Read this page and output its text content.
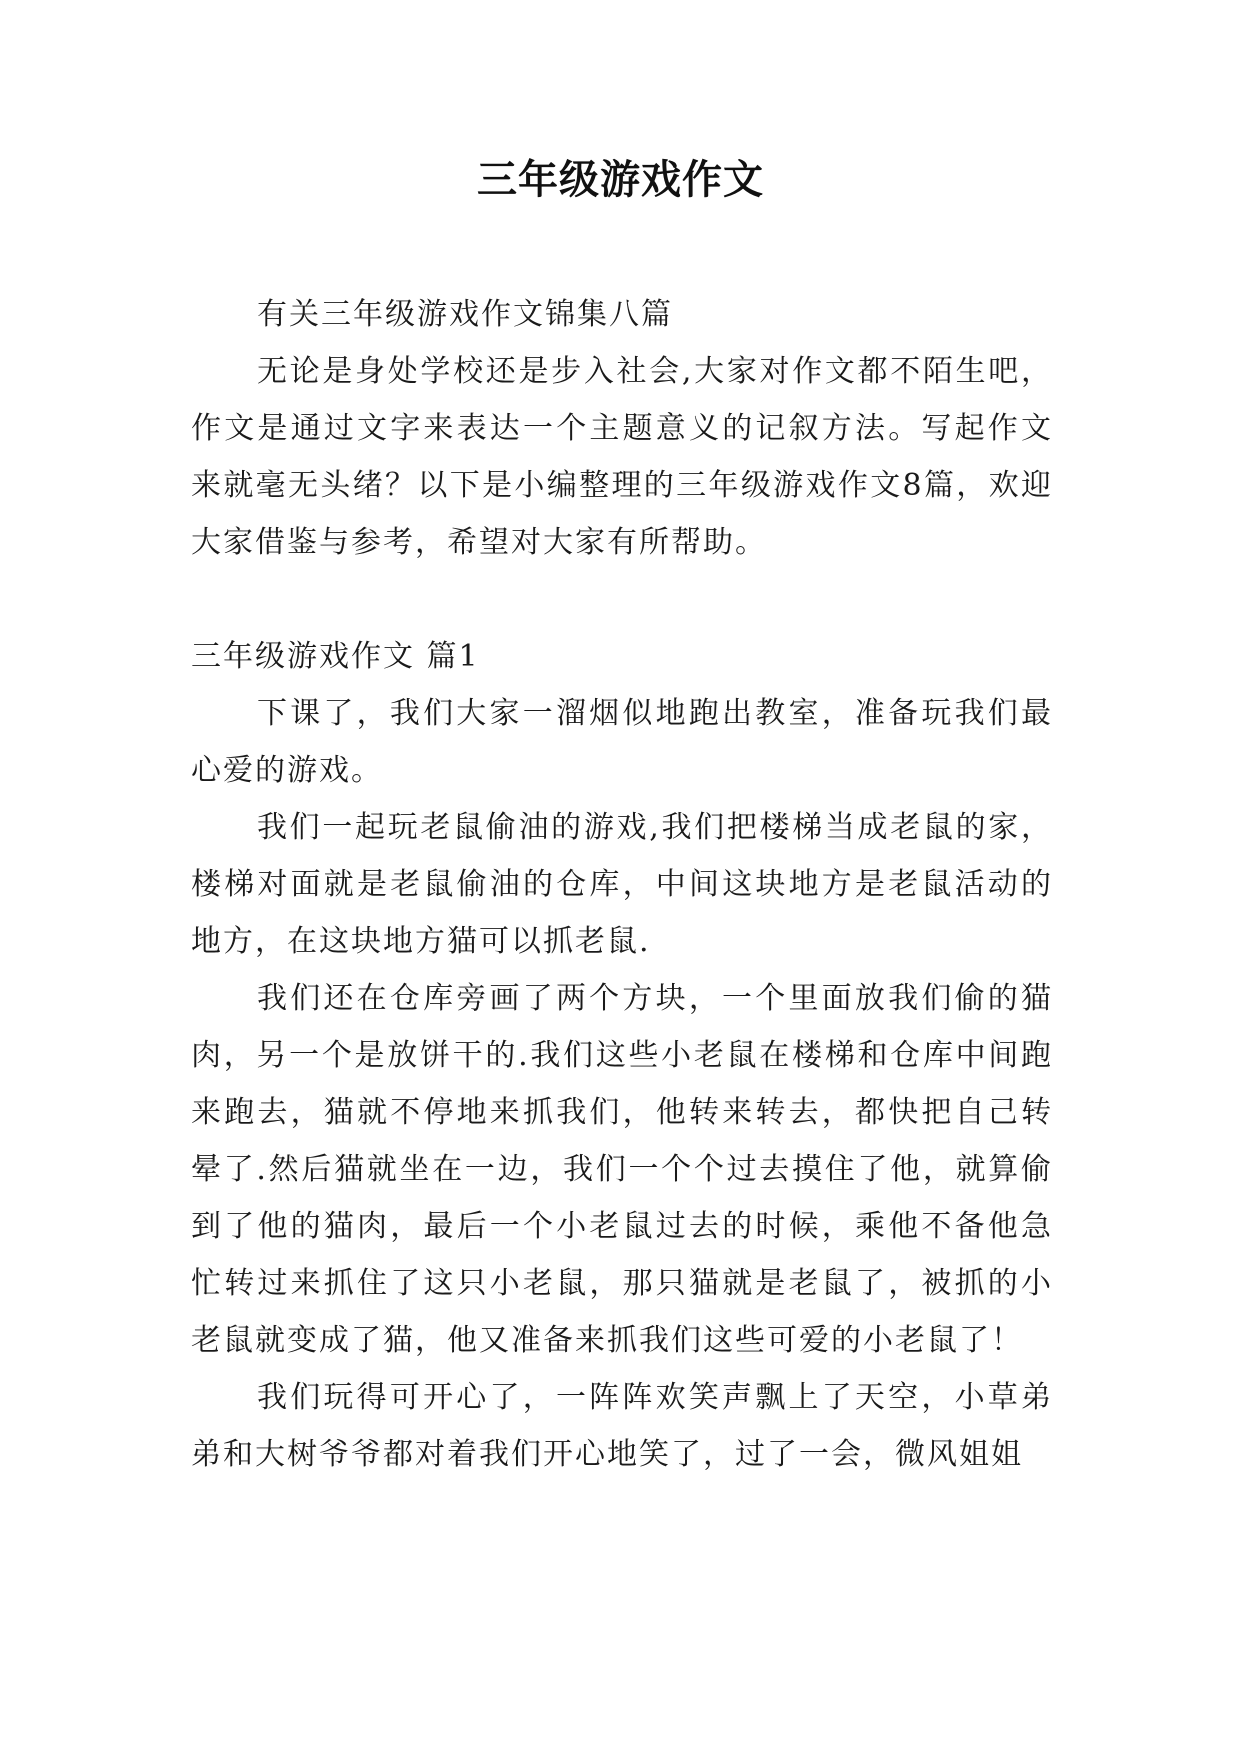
三年级游戏作文

有关三年级游戏作文锦集八篇

无论是身处学校还是步入社会,大家对作文都不陌生吧，作文是通过文字来表达一个主题意义的记叙方法。写起作文来就毫无头绪？以下是小编整理的三年级游戏作文8篇，欢迎大家借鉴与参考，希望对大家有所帮助。

三年级游戏作文 篇1

下课了，我们大家一溜烟似地跑出教室，准备玩我们最心爱的游戏。

我们一起玩老鼠偷油的游戏,我们把楼梯当成老鼠的家，楼梯对面就是老鼠偷油的仓库，中间这块地方是老鼠活动的地方，在这块地方猫可以抓老鼠.

我们还在仓库旁画了两个方块，一个里面放我们偷的猫肉，另一个是放饼干的.我们这些小老鼠在楼梯和仓库中间跑来跑去，猫就不停地来抓我们，他转来转去，都快把自己转晕了.然后猫就坐在一边，我们一个个过去摸住了他，就算偷到了他的猫肉，最后一个小老鼠过去的时候，乘他不备他急忙转过来抓住了这只小老鼠，那只猫就是老鼠了，被抓的小老鼠就变成了猫，他又准备来抓我们这些可爱的小老鼠了！

我们玩得可开心了，一阵阵欢笑声飘上了天空，小草弟弟和大树爷爷都对着我们开心地笑了，过了一会，微风姐姐
